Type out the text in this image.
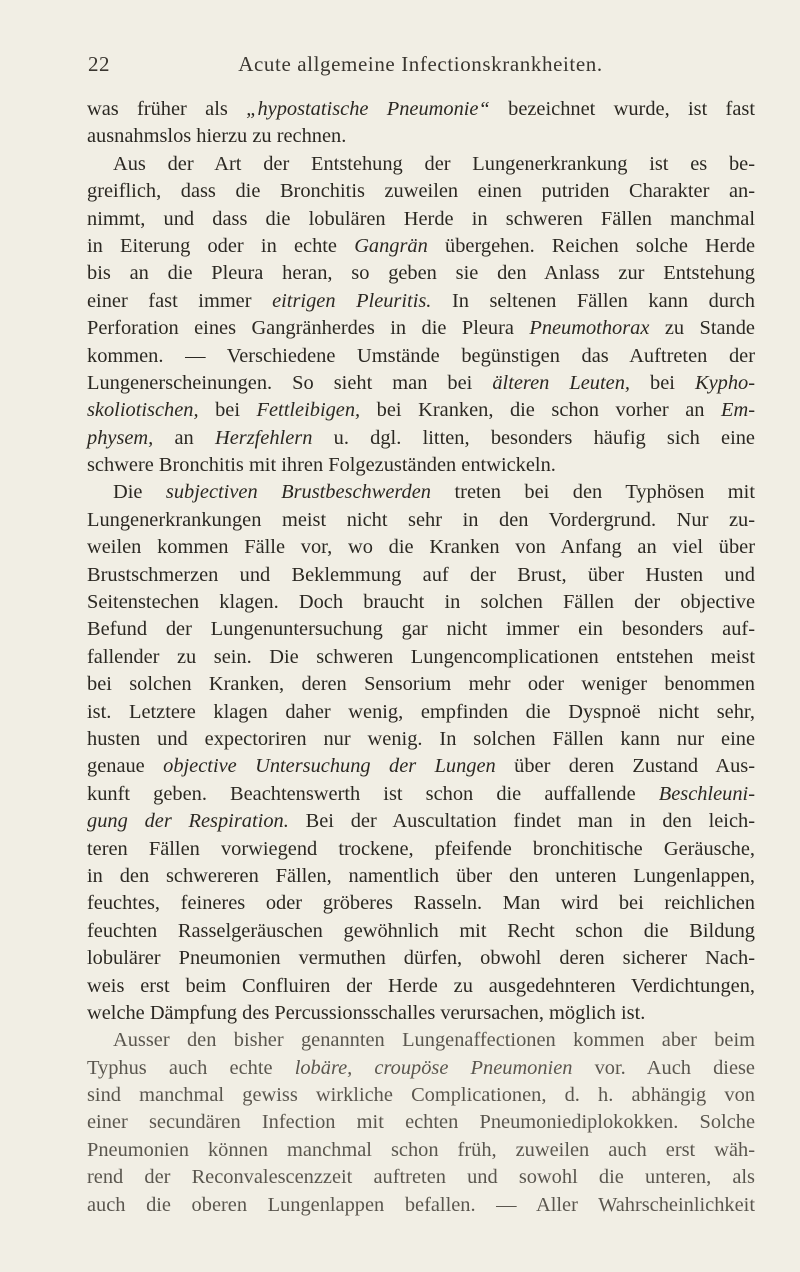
22	Acute allgemeine Infectionskrankheiten.
was früher als „hypostatische Pneumonie“ bezeichnet wurde, ist fast
ausnahmslos hierzu zu rechnen.
Aus der Art der Entstehung der Lungenerkrankung ist es be-
greiflich, dass die Bronchitis zuweilen einen putriden Charakter an-
nimmt, und dass die lobulären Herde in schweren Fällen manchmal
in Eiterung oder in echte Gangrän übergehen. Reichen solche Herde
bis an die Pleura heran, so geben sie den Anlass zur Entstehung
einer fast immer eitrigen Pleuritis. In seltenen Fällen kann durch
Perforation eines Gangränherdes in die Pleura Pneumothorax zu Stande
kommen. — Verschiedene Umstände begünstigen das Auftreten der
Lungenerscheinungen. So sieht man bei älteren Leuten, bei Kypho-
skoliotischen, bei Fettleibigen, bei Kranken, die schon vorher an Em-
physem, an Herzfehlern u. dgl. litten, besonders häufig sich eine
schwere Bronchitis mit ihren Folgezuständen entwickeln.
Die subjectiven Brustbeschwerden treten bei den Typhösen mit
Lungenerkrankungen meist nicht sehr in den Vordergrund. Nur zu-
weilen kommen Fälle vor, wo die Kranken von Anfang an viel über
Brustschmerzen und Beklemmung auf der Brust, über Husten und
Seitenstechen klagen. Doch braucht in solchen Fällen der objective
Befund der Lungenuntersuchung gar nicht immer ein besonders auf-
fallender zu sein. Die schweren Lungencomplicationen entstehen meist
bei solchen Kranken, deren Sensorium mehr oder weniger benommen
ist. Letztere klagen daher wenig, empfinden die Dyspnoë nicht sehr,
husten und expectoriren nur wenig. In solchen Fällen kann nur eine
genaue objective Untersuchung der Lungen über deren Zustand Aus-
kunft geben. Beachtenswerth ist schon die auffallende Beschleuni-
gung der Respiration. Bei der Auscultation findet man in den leich-
teren Fällen vorwiegend trockene, pfeifende bronchitische Geräusche,
in den schwereren Fällen, namentlich über den unteren Lungenlappen,
feuchtes, feineres oder gröberes Rasseln. Man wird bei reichlichen
feuchten Rasselgeräuschen gewöhnlich mit Recht schon die Bildung
lobulärer Pneumonien vermuthen dürfen, obwohl deren sicherer Nach-
weis erst beim Confluiren der Herde zu ausgedehnteren Verdichtungen,
welche Dämpfung des Percussionsschalles verursachen, möglich ist.
Ausser den bisher genannten Lungenaffectionen kommen aber beim
Typhus auch echte lobäre, croupöse Pneumonien vor. Auch diese
sind manchmal gewiss wirkliche Complicationen, d. h. abhängig von
einer secundären Infection mit echten Pneumoniediplokokken. Solche
Pneumonien können manchmal schon früh, zuweilen auch erst wäh-
rend der Reconvalescenzzeit auftreten und sowohl die unteren, als
auch die oberen Lungenlappen befallen. — Aller Wahrscheinlichkeit
